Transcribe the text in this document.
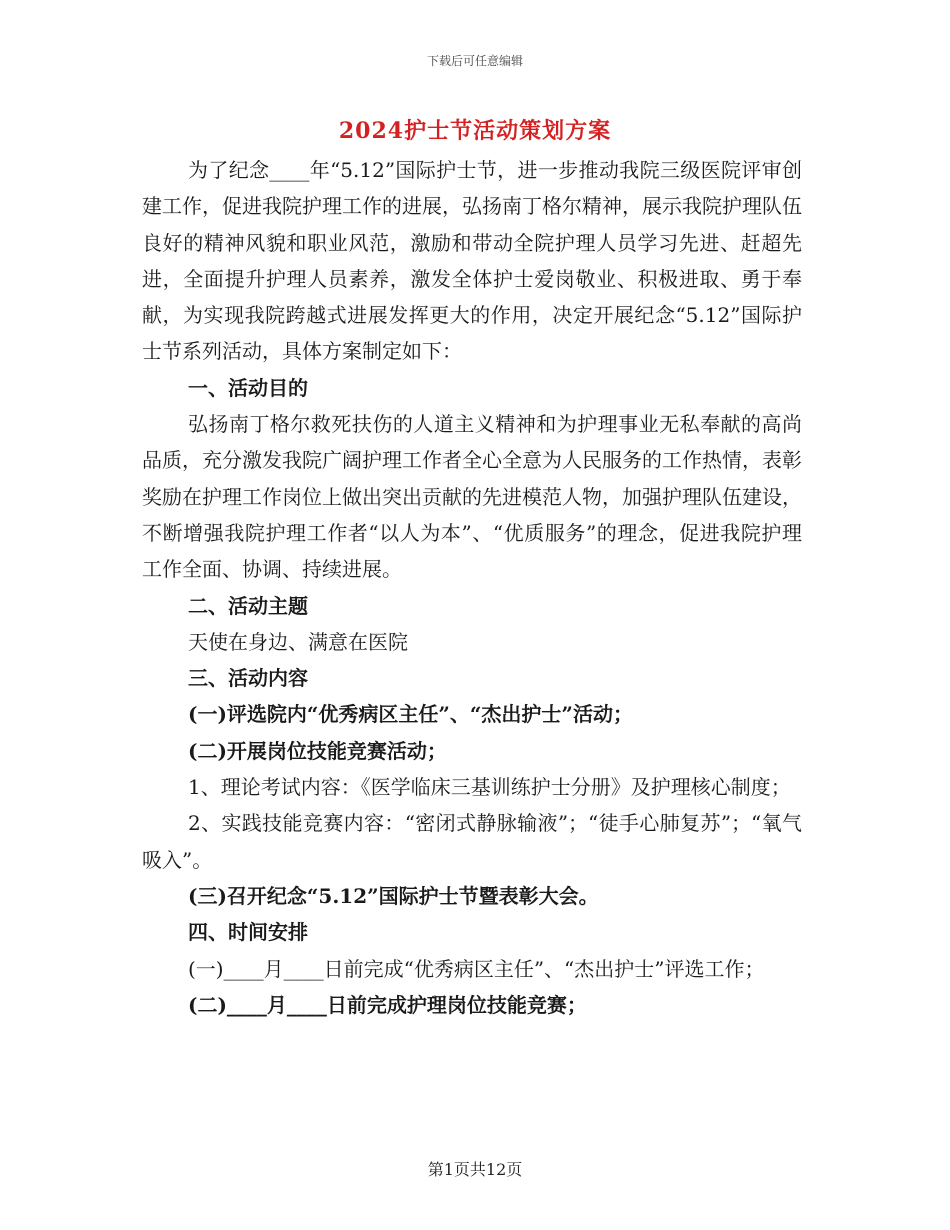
下载后可任意编辑
2024护士节活动策划方案

为了纪念____年“5.12”国际护士节，进一步推动我院三级医院评审创建工作，促进我院护理工作的进展，弘扬南丁格尔精神，展示我院护理队伍良好的精神风貌和职业风范，激励和带动全院护理人员学习先进、赶超先进，全面提升护理人员素养，激发全体护士爱岗敬业、积极进取、勇于奉献，为实现我院跨越式进展发挥更大的作用，决定开展纪念“5.12”国际护士节系列活动，具体方案制定如下：

一、活动目的

弘扬南丁格尔救死扶伤的人道主义精神和为护理事业无私奉献的高尚品质，充分激发我院广阔护理工作者全心全意为人民服务的工作热情，表彰奖励在护理工作岗位上做出突出贡献的先进模范人物，加强护理队伍建设，不断增强我院护理工作者“以人为本”、“优质服务”的理念，促进我院护理工作全面、协调、持续进展。

二、活动主题

天使在身边、满意在医院

三、活动内容

(一)评选院内“优秀病区主任”、“杰出护士”活动；

(二)开展岗位技能竞赛活动；

1、理论考试内容：《医学临床三基训练护士分册》及护理核心制度；

2、实践技能竞赛内容：“密闭式静脉输液”；“徒手心肺复苏”；“氧气吸入”。

(三)召开纪念“5.12”国际护士节暨表彰大会。

四、时间安排

(一)____月____日前完成“优秀病区主任”、“杰出护士”评选工作；

(二)____月____日前完成护理岗位技能竞赛；

第1页共12页
